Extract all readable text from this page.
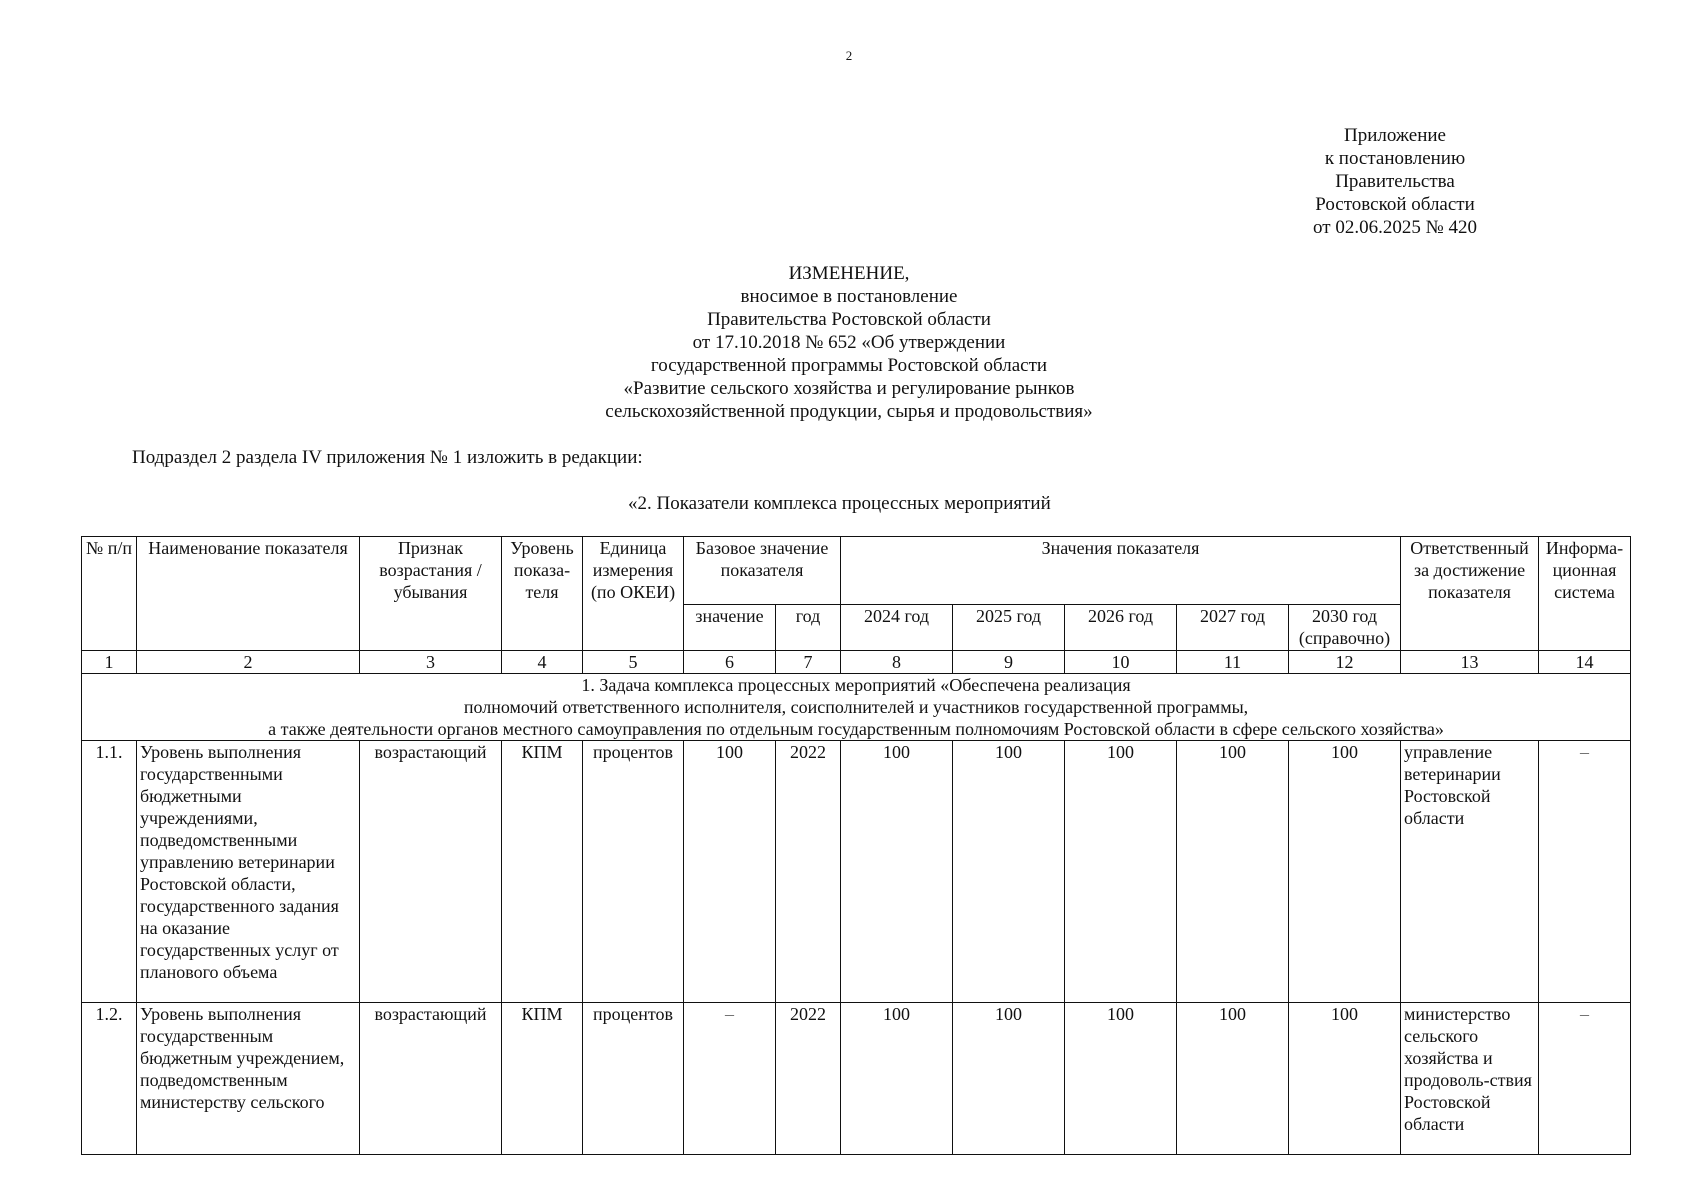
2
Приложение
к постановлению
Правительства
Ростовской области
от 02.06.2025 № 420
ИЗМЕНЕНИЕ,
вносимое в постановление
Правительства Ростовской области
от 17.10.2018 № 652 «Об утверждении
государственной программы Ростовской области
«Развитие сельского хозяйства и регулирование рынков
сельскохозяйственной продукции, сырья и продовольствия»
Подраздел 2 раздела IV приложения № 1 изложить в редакции:
«2. Показатели комплекса процессных мероприятий
№ п/п	Наименование показателя	Признак возрастания / убывания	Уровень показа-теля	Единица измерения (по ОКЕИ)	Базовое значение показателя		Значения показателя					Ответственный за достижение показателя	Информа-ционная система
					значение	год	2024 год	2025 год	2026 год	2027 год	2030 год (справочно)		
1	2	3	4	5	6	7	8	9	10	11	12	13	14

1. Задача комплекса процессных мероприятий «Обеспечена реализация
полномочий ответственного исполнителя, соисполнителей и участников государственной программы,
а также деятельности органов местного самоуправления по отдельным государственным полномочиям Ростовской области в сфере сельского хозяйства»													

1.1.	Уровень выполнения государственными бюджетными учреждениями, подведомственными управлению ветеринарии Ростовской области, государственного задания на оказание государственных услуг от планового объема	возрастающий	КПМ	процентов	100	2022	100	100	100	100	100	управление ветеринарии Ростовской области	–
1.2.	Уровень выполнения государственным бюджетным учреждением, подведомственным министерству сельского	возрастающий	КПМ	процентов	–	2022	100	100	100	100	100	министерство сельского хозяйства и продоволь-ствия Ростовской области	–
